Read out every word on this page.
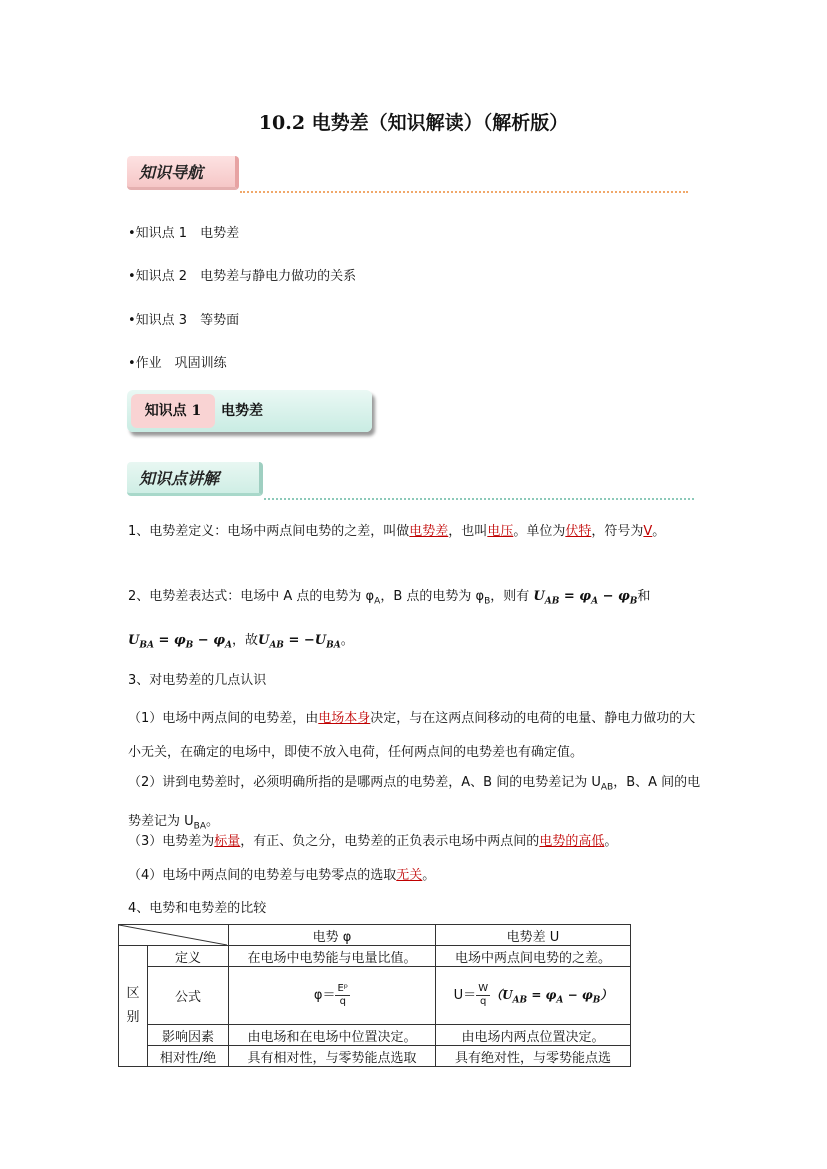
10.2 电势差（知识解读）（解析版）
知识导航
•知识点 1　电势差
•知识点 2　电势差与静电力做功的关系
•知识点 3　等势面
•作业　巩固训练
知识点 1	电势差
知识点讲解
1、电势差定义：电场中两点间电势的之差，叫做电势差，也叫电压。单位为伏特，符号为V。
2、电势差表达式：电场中 A 点的电势为 $\varphi_A$，B 点的电势为 $\varphi_B$，则有 $U_{AB} = \varphi_A - \varphi_B$和
$U_{BA} = \varphi_B - \varphi_A$，故$U_{AB} = -U_{BA}$。
3、对电势差的几点认识
（1）电场中两点间的电势差，由电场本身决定，与在这两点间移动的电荷的电量、静电力做功的大小无关，在确定的电场中，即使不放入电荷，任何两点间的电势差也有确定值。
（2）讲到电势差时，必须明确所指的是哪两点的电势差，A、B 间的电势差记为 $U_{AB}$，B、A 间的电势差记为 $U_{BA}$。
（3）电势差为标量，有正、负之分，电势差的正负表示电场中两点间的电势的高低。
（4）电场中两点间的电势差与电势零点的选取无关。
4、电势和电势差的比较
	电势 φ	电势差 U
区别	定义	在电场中电势能与电量比值。	电场中两点间电势的之差。
	公式	$\varphi= \frac{\text{Eᵖ}}{q}$	$U= \frac{W}{q} (U_{AB} = \varphi_A - \varphi_B)$
	影响因素	由电场和在电场中位置决定。	由电场内两点位置决定。
	相对性/绝	具有相对性，与零势能点选取	具有绝对性，与零势能点选
